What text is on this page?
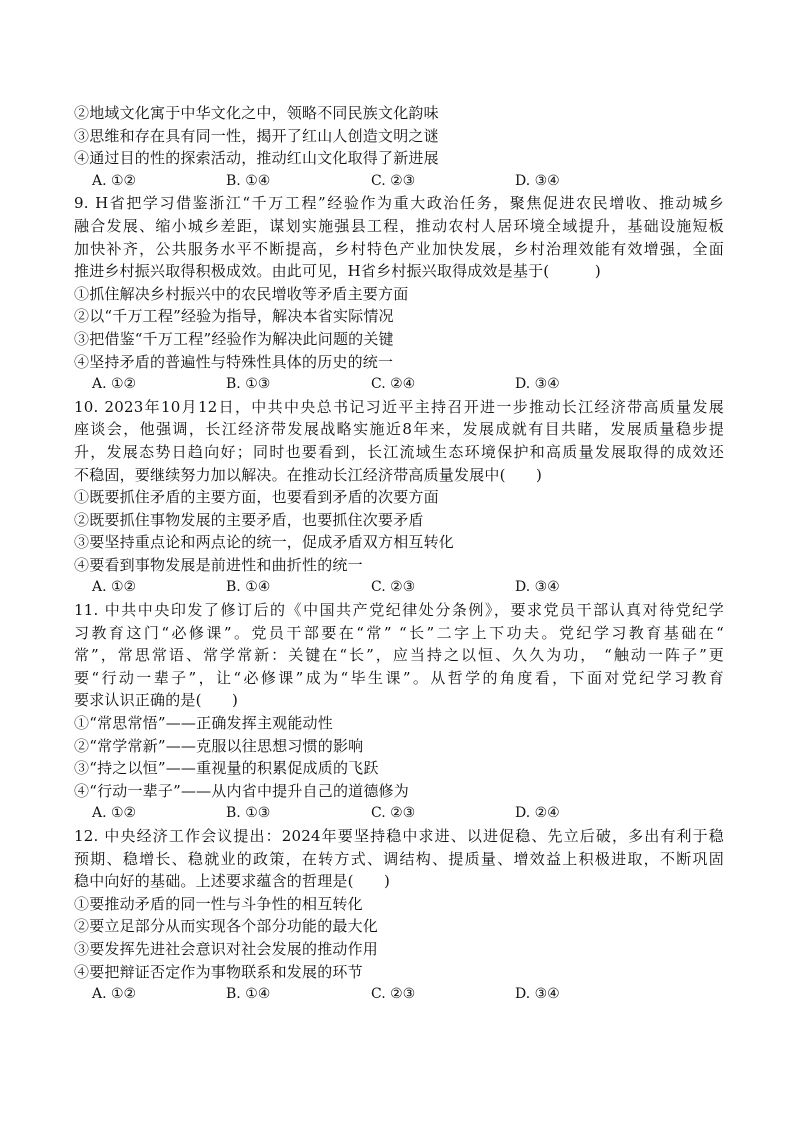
②地域文化寓于中华文化之中，领略不同民族文化韵味
③思维和存在具有同一性，揭开了红山人创造文明之谜
④通过目的性的探索活动，推动红山文化取得了新进展
A. ①②	B. ①④	C. ②③	D. ③④
9. H省把学习借鉴浙江“千万工程”经验作为重大政治任务，聚焦促进农民增收、推动城乡
融合发展、缩小城乡差距，谋划实施强县工程，推动农村人居环境全域提升，基础设施短板
加快补齐，公共服务水平不断提高，乡村特色产业加快发展，乡村治理效能有效增强，全面
推进乡村振兴取得积极成效。由此可见，H省乡村振兴取得成效是基于(　　　)
①抓住解决乡村振兴中的农民增收等矛盾主要方面
②以“千万工程”经验为指导，解决本省实际情况
③把借鉴“千万工程”经验作为解决此问题的关键
④坚持矛盾的普遍性与特殊性具体的历史的统一
A. ①②	B. ①③	C. ②④	D. ③④
10. 2023年10月12日，中共中央总书记习近平主持召开进一步推动长江经济带高质量发展
座谈会，他强调，长江经济带发展战略实施近8年来，发展成就有目共睹，发展质量稳步提
升，发展态势日趋向好；同时也要看到，长江流域生态环境保护和高质量发展取得的成效还
不稳固，要继续努力加以解决。在推动长江经济带高质量发展中(　　)
①既要抓住矛盾的主要方面，也要看到矛盾的次要方面
②既要抓住事物发展的主要矛盾，也要抓住次要矛盾
③要坚持重点论和两点论的统一，促成矛盾双方相互转化
④要看到事物发展是前进性和曲折性的统一
A. ①②	B. ①④	C. ②③	D. ③④
11. 中共中央印发了修订后的《中国共产党纪律处分条例》，要求党员干部认真对待党纪学
习教育这门“必修课”。党员干部要在“常” “长”二字上下功夫。党纪学习教育基础在“
常”，常思常语、常学常新：关键在“长”，应当持之以恒、久久为功， “触动一阵子”更
要“行动一辈子”，让“必修课”成为“毕生课”。从哲学的角度看，下面对党纪学习教育
要求认识正确的是(　　)
①“常思常悟”——正确发挥主观能动性
②“常学常新”——克服以往思想习惯的影响
③“持之以恒”——重视量的积累促成质的飞跃
④“行动一辈子”——从内省中提升自己的道德修为
A. ①②	B. ①③	C. ②③	D. ②④
12. 中央经济工作会议提出：2024年要坚持稳中求进、以进促稳、先立后破，多出有利于稳
预期、稳增长、稳就业的政策，在转方式、调结构、提质量、增效益上积极进取，不断巩固
稳中向好的基础。上述要求蕴含的哲理是(　　)
①要推动矛盾的同一性与斗争性的相互转化
②要立足部分从而实现各个部分功能的最大化
③要发挥先进社会意识对社会发展的推动作用
④要把辩证否定作为事物联系和发展的环节
A. ①②	B. ①④	C. ②③	D. ③④
